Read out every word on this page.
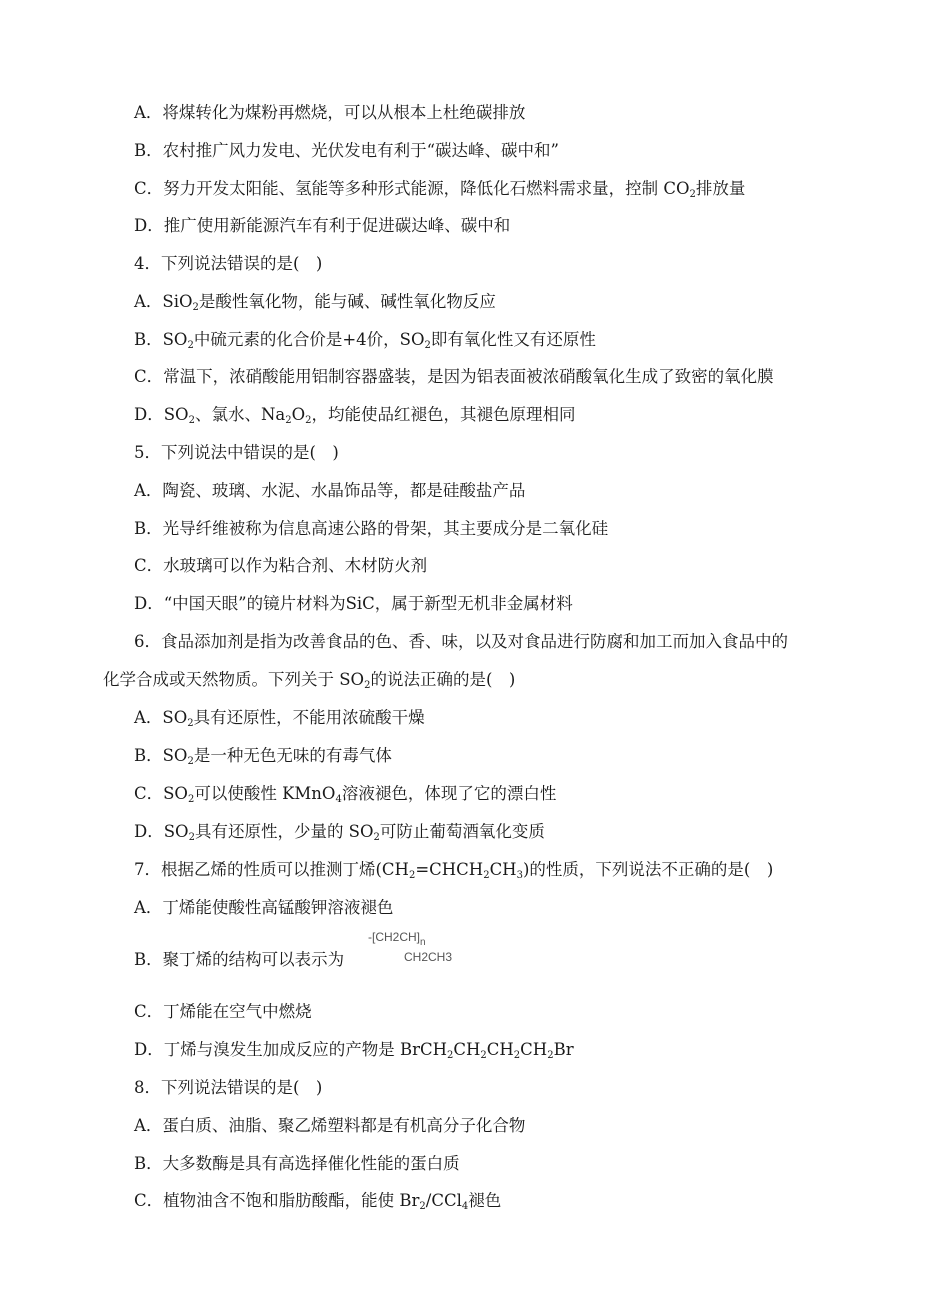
A．将煤转化为煤粉再燃烧，可以从根本上杜绝碳排放
B．农村推广风力发电、光伏发电有利于“碳达峰、碳中和”
C．努力开发太阳能、氢能等多种形式能源，降低化石燃料需求量，控制 $CO_2$排放量
D．推广使用新能源汽车有利于促进碳达峰、碳中和
4．下列说法错误的是(　)
A．SiO$_2$是酸性氧化物，能与碱、碱性氧化物反应
B．$SO_2$中硫元素的化合价是+4价，$SO_2$即有氧化性又有还原性
C．常温下，浓硝酸能用铝制容器盛装，是因为铝表面被浓硝酸氧化生成了致密的氧化膜
D．$SO_2$、氯水、$Na_2O_2$，均能使品红褪色，其褪色原理相同
5．下列说法中错误的是(　)
A．陶瓷、玻璃、水泥、水晶饰品等，都是硅酸盐产品
B．光导纤维被称为信息高速公路的骨架，其主要成分是二氧化硅
C．水玻璃可以作为粘合剂、木材防火剂
D．“中国天眼”的镜片材料为SiC，属于新型无机非金属材料
6．食品添加剂是指为改善食品的色、香、味，以及对食品进行防腐和加工而加入食品中的
化学合成或天然物质。下列关于 $SO_2$的说法正确的是(　)
A．$SO_2$具有还原性，不能用浓硫酸干燥
B．$SO_2$是一种无色无味的有毒气体
C．$SO_2$可以使酸性 KMnO$_4$溶液褪色，体现了它的漂白性
D．$SO_2$具有还原性，少量的 $SO_2$可防止葡萄酒氧化变质
7．根据乙烯的性质可以推测丁烯$(CH_2=CHCH_2CH_3)$的性质，下列说法不正确的是(　)
A．丁烯能使酸性高锰酸钾溶液褪色
B．聚丁烯的结构可以表示为
$-[CH2CH]_n$
CH2CH3
C．丁烯能在空气中燃烧
D．丁烯与溴发生加成反应的产物是 $BrCH_2CH_2CH_2CH_2Br$
8．下列说法错误的是(　)
A．蛋白质、油脂、聚乙烯塑料都是有机高分子化合物
B．大多数酶是具有高选择催化性能的蛋白质
C．植物油含不饱和脂肪酸酯，能使 $Br_2/CCl_4$褪色
